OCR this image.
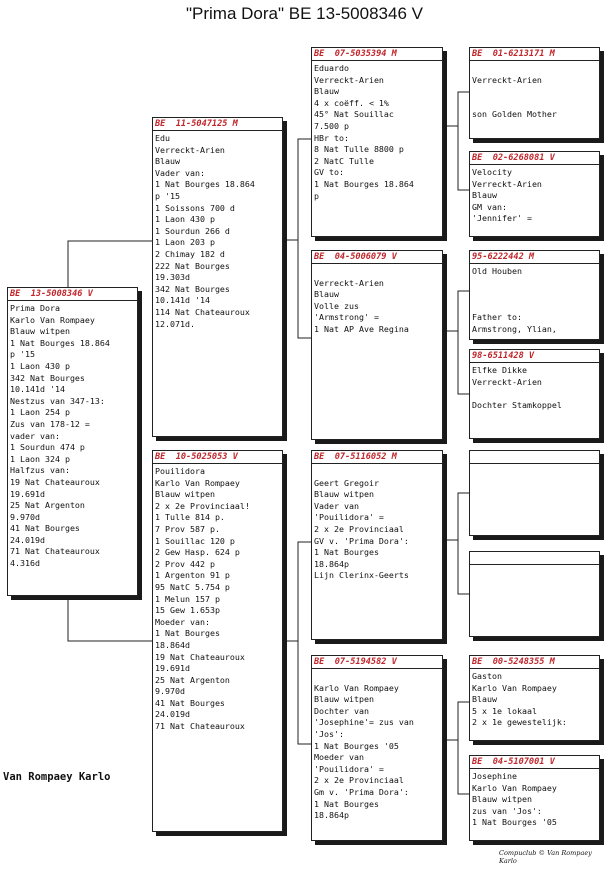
"Prima Dora" BE 13-5008346 V
BE  13-5008346 V
Prima Dora
Karlo Van Rompaey
Blauw witpen
1 Nat Bourges 18.864
p '15
1 Laon 430 p
342 Nat Bourges
10.141d '14
Nestzus van 347-13:
1 Laon 254 p
Zus van 178-12 =
vader van:
1 Sourdun 474 p
1 Laon 324 p
Halfzus van:
19 Nat Chateauroux
19.691d
25 Nat Argenton
9.970d
41 Nat Bourges
24.019d
71 Nat Chateauroux
4.316d
BE  11-5047125 M
Edu
Verreckt-Arien
Blauw
Vader van:
1 Nat Bourges 18.864
p '15
1 Soissons 700 d
1 Laon 430 p
1 Sourdun 266 d
1 Laon 203 p
2 Chimay 182 d
222 Nat Bourges
19.303d
342 Nat Bourges
10.141d '14
114 Nat Chateauroux
12.071d.
BE  10-5025053 V
Pouilidora
Karlo Van Rompaey
Blauw witpen
2 x 2e Provinciaal!
1 Tulle 814 p.
7 Prov 587 p.
1 Souillac 120 p
2 Gew Hasp. 624 p
2 Prov 442 p
1 Argenton 91 p
95 NatC 5.754 p
1 Melun 157 p
15 Gew 1.653p
Moeder van:
1 Nat Bourges
18.864d
19 Nat Chateauroux
19.691d
25 Nat Argenton
9.970d
41 Nat Bourges
24.019d
71 Nat Chateauroux
BE  07-5035394 M
Eduardo
Verreckt-Arien
Blauw
4 x coëff. < 1%
45° Nat Souillac
7.500 p
HBr to:
8 Nat Tulle 8800 p
2 NatC Tulle
GV to:
1 Nat Bourges 18.864
p
BE  04-5006079 V
Verreckt-Arien
Blauw
Volle zus
'Armstrong' =
1 Nat AP Ave Regina
BE  07-5116052 M
Geert Gregoir
Blauw witpen
Vader van
'Pouilidora' =
2 x 2e Provinciaal
GV v. 'Prima Dora':
1 Nat Bourges
18.864p
Lijn Clerinx-Geerts
BE  07-5194582 V
Karlo Van Rompaey
Blauw witpen
Dochter van
'Josephine'= zus van
'Jos':
1 Nat Bourges '05
Moeder van
'Pouilidora' =
2 x 2e Provinciaal
Gm v. 'Prima Dora':
1 Nat Bourges
18.864p
BE  01-6213171 M
Verreckt-Arien
son Golden Mother
BE  02-6268081 V
Velocity
Verreckt-Arien
Blauw
GM van:
'Jennifer' =
95-6222442 M
Old Houben
Father to:
Armstrong, Ylian,
98-6511428 V
Elfke Dikke
Verreckt-Arien
Dochter Stamkoppel
BE  00-5248355 M
Gaston
Karlo Van Rompaey
Blauw
5 x 1e lokaal
2 x 1e gewestelijk:
BE  04-5107001 V
Josephine
Karlo Van Rompaey
Blauw witpen
zus van 'Jos':
1 Nat Bourges '05
Van Rompaey Karlo
Compuclub © Van Rompaey Karlo
